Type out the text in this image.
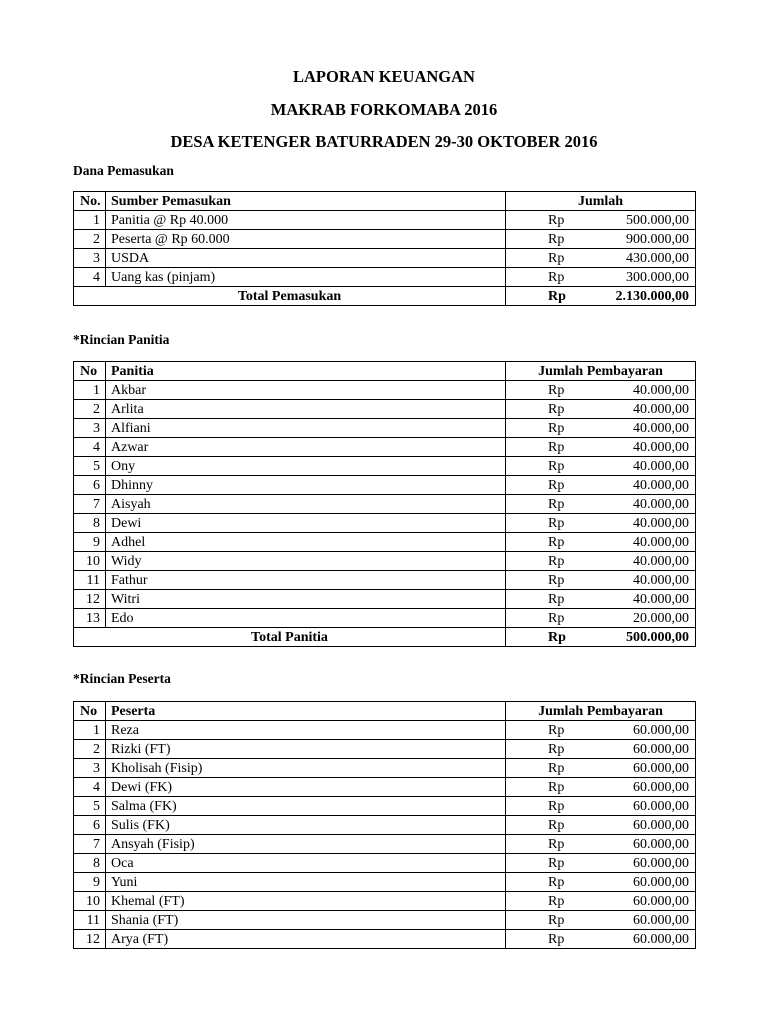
LAPORAN KEUANGAN
MAKRAB FORKOMABA 2016
DESA KETENGER BATURRADEN 29-30 OKTOBER 2016
Dana Pemasukan
No.	Sumber Pemasukan	Jumlah	
1	Panitia @ Rp 40.000	Rp	500.000,00
2	Peserta @ Rp 60.000	Rp	900.000,00
3	USDA	Rp	430.000,00
4	Uang kas (pinjam)	Rp	300.000,00
Total Pemasukan		Rp	2.130.000,00
*Rincian Panitia
No	Panitia	Jumlah Pembayaran	
1	Akbar	Rp	40.000,00
2	Arlita	Rp	40.000,00
3	Alfiani	Rp	40.000,00
4	Azwar	Rp	40.000,00
5	Ony	Rp	40.000,00
6	Dhinny	Rp	40.000,00
7	Aisyah	Rp	40.000,00
8	Dewi	Rp	40.000,00
9	Adhel	Rp	40.000,00
10	Widy	Rp	40.000,00
11	Fathur	Rp	40.000,00
12	Witri	Rp	40.000,00
13	Edo	Rp	20.000,00
Total Panitia		Rp	500.000,00
*Rincian Peserta
No	Peserta	Jumlah Pembayaran	
1	Reza	Rp	60.000,00
2	Rizki (FT)	Rp	60.000,00
3	Kholisah (Fisip)	Rp	60.000,00
4	Dewi (FK)	Rp	60.000,00
5	Salma (FK)	Rp	60.000,00
6	Sulis (FK)	Rp	60.000,00
7	Ansyah (Fisip)	Rp	60.000,00
8	Oca	Rp	60.000,00
9	Yuni	Rp	60.000,00
10	Khemal (FT)	Rp	60.000,00
11	Shania (FT)	Rp	60.000,00
12	Arya (FT)	Rp	60.000,00
